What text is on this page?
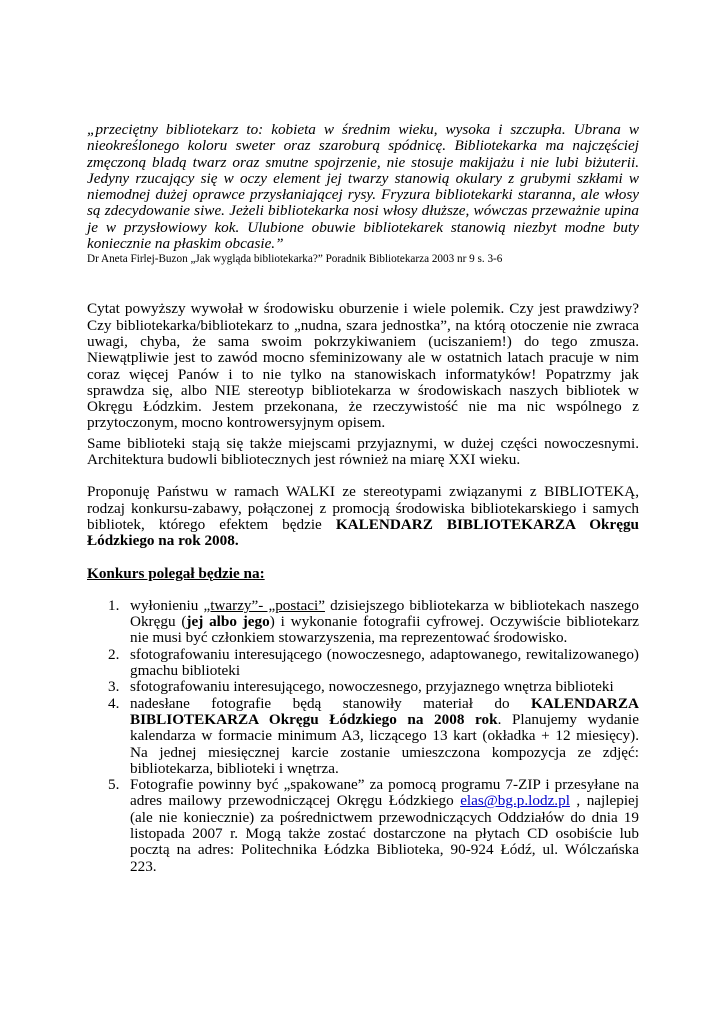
„przeciętny bibliotekarz to: kobieta w średnim wieku, wysoka i szczupła. Ubrana w nieokreślonego koloru sweter oraz szaroburą spódnicę. Bibliotekarka ma najczęściej zmęczoną bladą twarz oraz smutne spojrzenie, nie stosuje makijażu i nie lubi biżuterii. Jedyny rzucający się w oczy element jej twarzy stanowią okulary z grubymi szkłami w niemodnej dużej oprawce przysłaniającej rysy. Fryzura bibliotekarki staranna, ale włosy są zdecydowanie siwe. Jeżeli bibliotekarka nosi włosy dłuższe, wówczas przeważnie upina je w przysłowiowy kok. Ulubione obuwie bibliotekarek stanowią niezbyt modne buty koniecznie na płaskim obcasie.”

Dr Aneta Firlej-Buzon „Jak wygląda bibliotekarka?” Poradnik Bibliotekarza 2003 nr 9 s. 3-6

Cytat powyższy wywołał w środowisku oburzenie i wiele polemik. Czy jest prawdziwy? Czy bibliotekarka/bibliotekarz to „nudna, szara jednostka”, na którą otoczenie nie zwraca uwagi, chyba, że sama swoim pokrzykiwaniem (uciszaniem!) do tego zmusza. Niewątpliwie jest to zawód mocno sfeminizowany ale w ostatnich latach pracuje w nim coraz więcej Panów i to nie tylko na stanowiskach informatyków! Popatrzmy jak sprawdza się, albo NIE stereotyp bibliotekarza w środowiskach naszych bibliotek w Okręgu Łódzkim. Jestem przekonana, że rzeczywistość nie ma nic wspólnego z przytoczonym, mocno kontrowersyjnym opisem.

Same biblioteki stają się także miejscami przyjaznymi, w dużej części nowoczesnymi. Architektura budowli bibliotecznych jest również na miarę XXI wieku.

Proponuję Państwu w ramach WALKI ze stereotypami związanymi z BIBLIOTEKĄ, rodzaj konkursu-zabawy, połączonej z promocją środowiska bibliotekarskiego i samych bibliotek, którego efektem będzie KALENDARZ BIBLIOTEKARZA Okręgu Łódzkiego na rok 2008.

Konkurs polegał będzie na:

1. wyłonieniu „twarzy”- „postaci” dzisiejszego bibliotekarza w bibliotekach naszego Okręgu (jej albo jego) i wykonanie fotografii cyfrowej. Oczywiście bibliotekarz nie musi być członkiem stowarzyszenia, ma reprezentować środowisko.
2. sfotografowaniu interesującego (nowoczesnego, adaptowanego, rewitalizowanego) gmachu biblioteki
3. sfotografowaniu interesującego, nowoczesnego, przyjaznego wnętrza biblioteki
4. nadesłane fotografie będą stanowiły materiał do KALENDARZA BIBLIOTEKARZA Okręgu Łódzkiego na 2008 rok. Planujemy wydanie kalendarza w formacie minimum A3, liczącego 13 kart (okładka + 12 miesięcy). Na jednej miesięcznej karcie zostanie umieszczona kompozycja ze zdjęć: bibliotekarza, biblioteki i wnętrza.
5. Fotografie powinny być „spakowane” za pomocą programu 7-ZIP i przesyłane na adres mailowy przewodniczącej Okręgu Łódzkiego elas@bg.p.lodz.pl , najlepiej (ale nie koniecznie) za pośrednictwem przewodniczących Oddziałów do dnia 19 listopada 2007 r. Mogą także zostać dostarczone na płytach CD osobiście lub pocztą na adres: Politechnika Łódzka Biblioteka, 90-924 Łódź, ul. Wólczańska 223.
